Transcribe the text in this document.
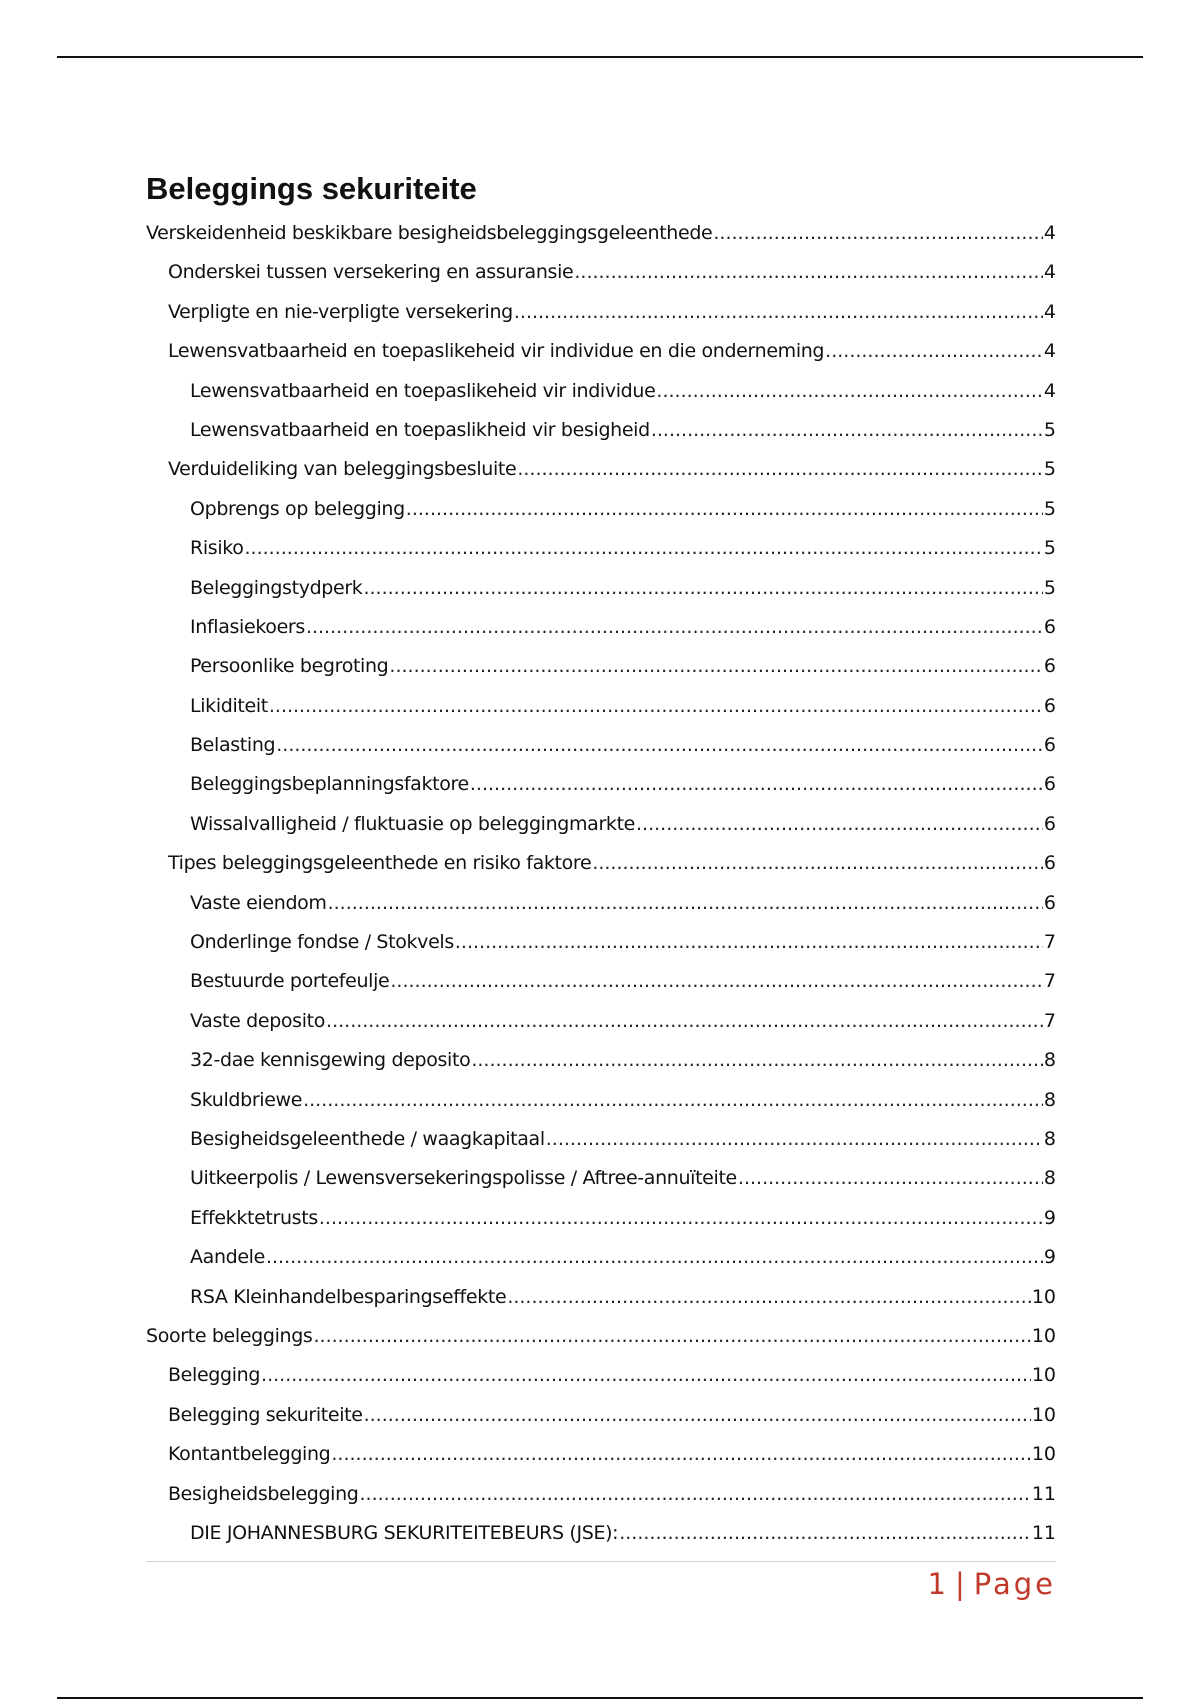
Beleggings sekuriteite
Verskeidenheid beskikbare besigheidsbeleggingsgeleenthede .....	4
Onderskei tussen versekering en assuransie .....	4
Verpligte en nie-verpligte versekering .....	4
Lewensvatbaarheid en toepaslikeheid vir individue en die onderneming .....	4
Lewensvatbaarheid en toepaslikeheid vir individue .....	4
Lewensvatbaarheid en toepaslikheid vir besigheid .....	5
Verduideliking van beleggingsbesluite .....	5
Opbrengs op belegging .....	5
Risiko .....	5
Beleggingstydperk .....	5
Inflasiekoers .....	6
Persoonlike begroting .....	6
Likiditeit .....	6
Belasting .....	6
Beleggingsbeplanningsfaktore .....	6
Wissalvalligheid / fluktuasie op beleggingmarkte .....	6
Tipes beleggingsgeleenthede en risiko faktore .....	6
Vaste eiendom .....	6
Onderlinge fondse / Stokvels .....	7
Bestuurde portefeulje .....	7
Vaste deposito .....	7
32-dae kennisgewing deposito .....	8
Skuldbriewe .....	8
Besigheidsgeleenthede / waagkapitaal .....	8
Uitkeerpolis / Lewensversekeringspolisse / Aftree-annuïteite .....	8
Effekktetrusts .....	9
Aandele .....	9
RSA Kleinhandelbesparingseffekte .....	10
Soorte beleggings .....	10
Belegging .....	10
Belegging sekuriteite .....	10
Kontantbelegging .....	10
Besigheidsbelegging .....	11
DIE JOHANNESBURG SEKURITEITEBEURS (JSE): .....	11
1 | Page
